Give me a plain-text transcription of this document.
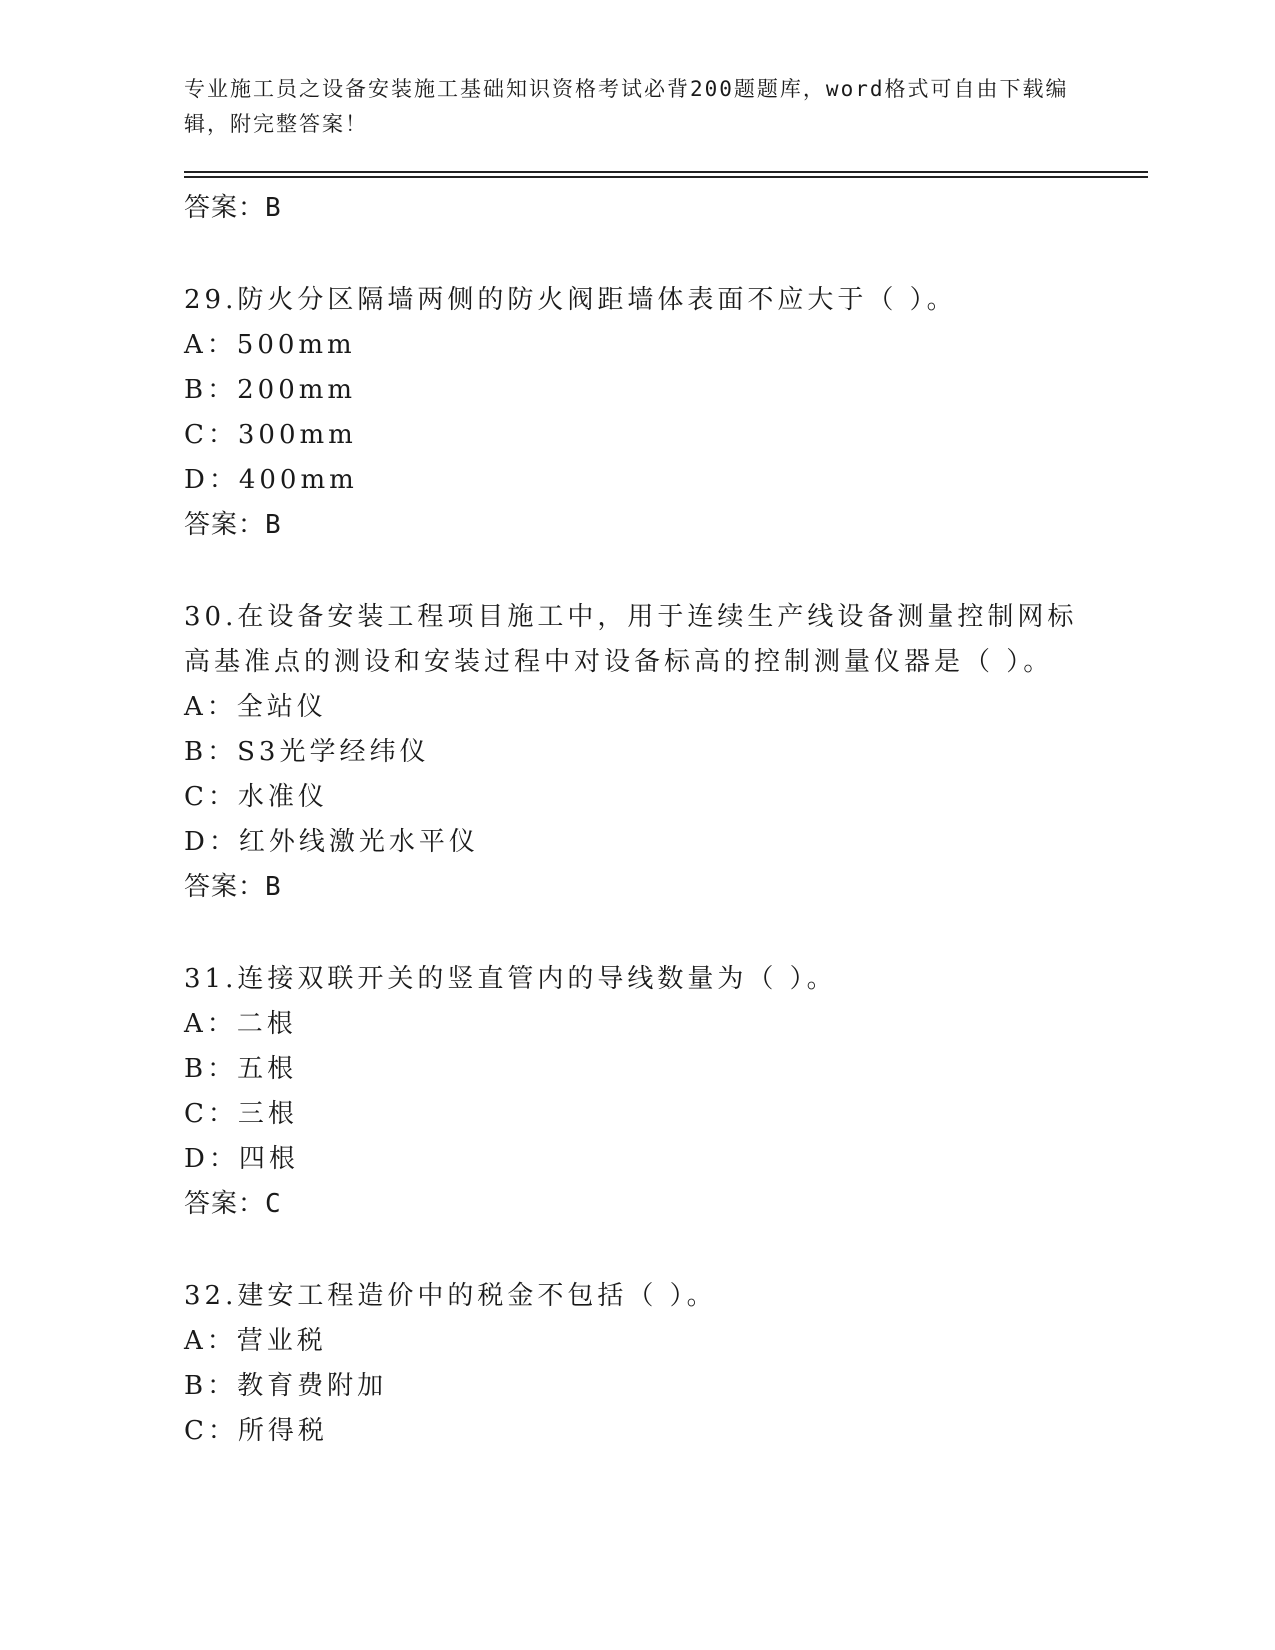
专业施工员之设备安装施工基础知识资格考试必背200题题库，word格式可自由下载编辑，附完整答案！
答案：B
29.防火分区隔墙两侧的防火阀距墙体表面不应大于（ ）。
A：500mm
B：200mm
C：300mm
D：400mm
答案：B
30.在设备安装工程项目施工中，用于连续生产线设备测量控制网标高基准点的测设和安装过程中对设备标高的控制测量仪器是（ ）。
A：全站仪
B：S3光学经纬仪
C：水准仪
D：红外线激光水平仪
答案：B
31.连接双联开关的竖直管内的导线数量为（ ）。
A：二根
B：五根
C：三根
D：四根
答案：C
32.建安工程造价中的税金不包括（ ）。
A：营业税
B：教育费附加
C：所得税
